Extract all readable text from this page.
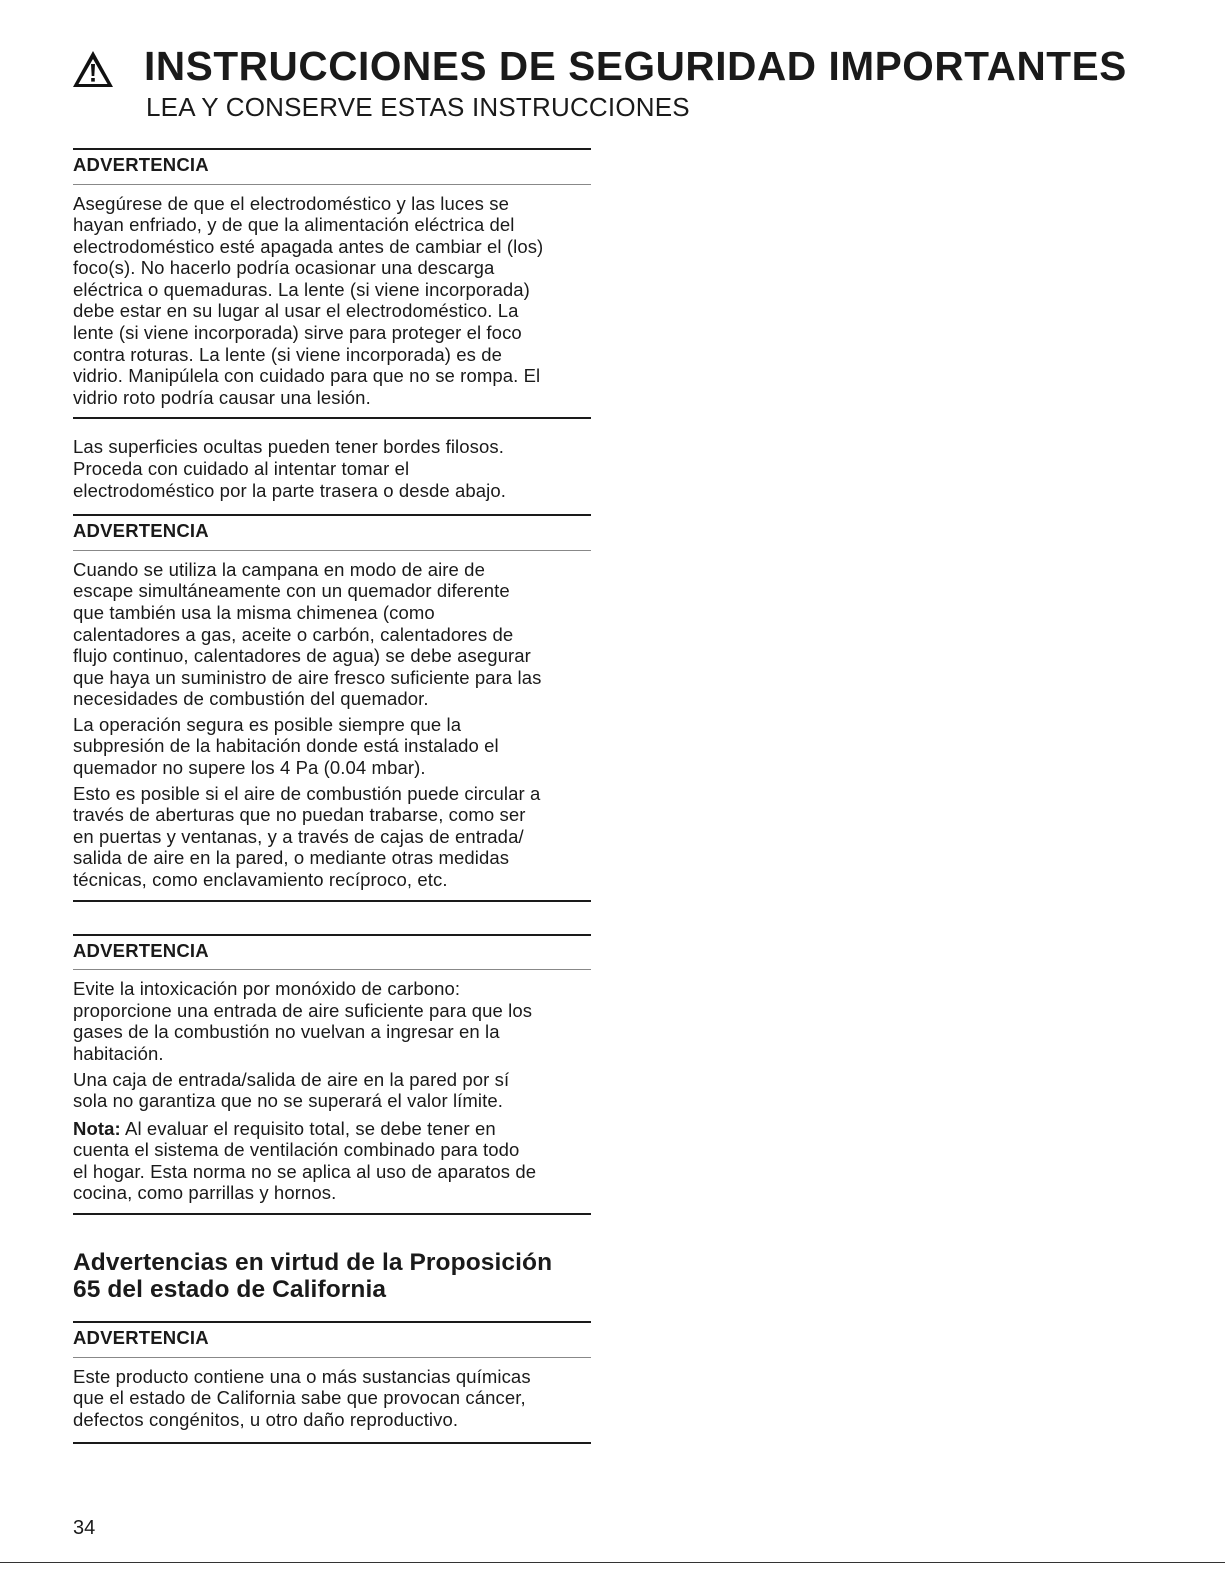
INSTRUCCIONES DE SEGURIDAD IMPORTANTES
LEA Y CONSERVE ESTAS INSTRUCCIONES
ADVERTENCIA

Asegúrese de que el electrodoméstico y las luces se
hayan enfriado, y de que la alimentación eléctrica del
electrodoméstico esté apagada antes de cambiar el (los)
foco(s). No hacerlo podría ocasionar una descarga
eléctrica o quemaduras. La lente (si viene incorporada)
debe estar en su lugar al usar el electrodoméstico. La
lente (si viene incorporada) sirve para proteger el foco
contra roturas. La lente (si viene incorporada) es de
vidrio. Manipúlela con cuidado para que no se rompa. El
vidrio roto podría causar una lesión.

Las superficies ocultas pueden tener bordes filosos.
Proceda con cuidado al intentar tomar el
electrodoméstico por la parte trasera o desde abajo.

ADVERTENCIA

Cuando se utiliza la campana en modo de aire de
escape simultáneamente con un quemador diferente
que también usa la misma chimenea (como
calentadores a gas, aceite o carbón, calentadores de
flujo continuo, calentadores de agua) se debe asegurar
que haya un suministro de aire fresco suficiente para las
necesidades de combustión del quemador.

La operación segura es posible siempre que la
subpresión de la habitación donde está instalado el
quemador no supere los 4 Pa (0.04 mbar).

Esto es posible si el aire de combustión puede circular a
través de aberturas que no puedan trabarse, como ser
en puertas y ventanas, y a través de cajas de entrada/
salida de aire en la pared, o mediante otras medidas
técnicas, como enclavamiento recíproco, etc.

ADVERTENCIA

Evite la intoxicación por monóxido de carbono:
proporcione una entrada de aire suficiente para que los
gases de la combustión no vuelvan a ingresar en la
habitación.

Una caja de entrada/salida de aire en la pared por sí
sola no garantiza que no se superará el valor límite.

Nota: Al evaluar el requisito total, se debe tener en
cuenta el sistema de ventilación combinado para todo
el hogar. Esta norma no se aplica al uso de aparatos de
cocina, como parrillas y hornos.

Advertencias en virtud de la Proposición
65 del estado de California
ADVERTENCIA

Este producto contiene una o más sustancias químicas
que el estado de California sabe que provocan cáncer,
defectos congénitos, u otro daño reproductivo.

34
